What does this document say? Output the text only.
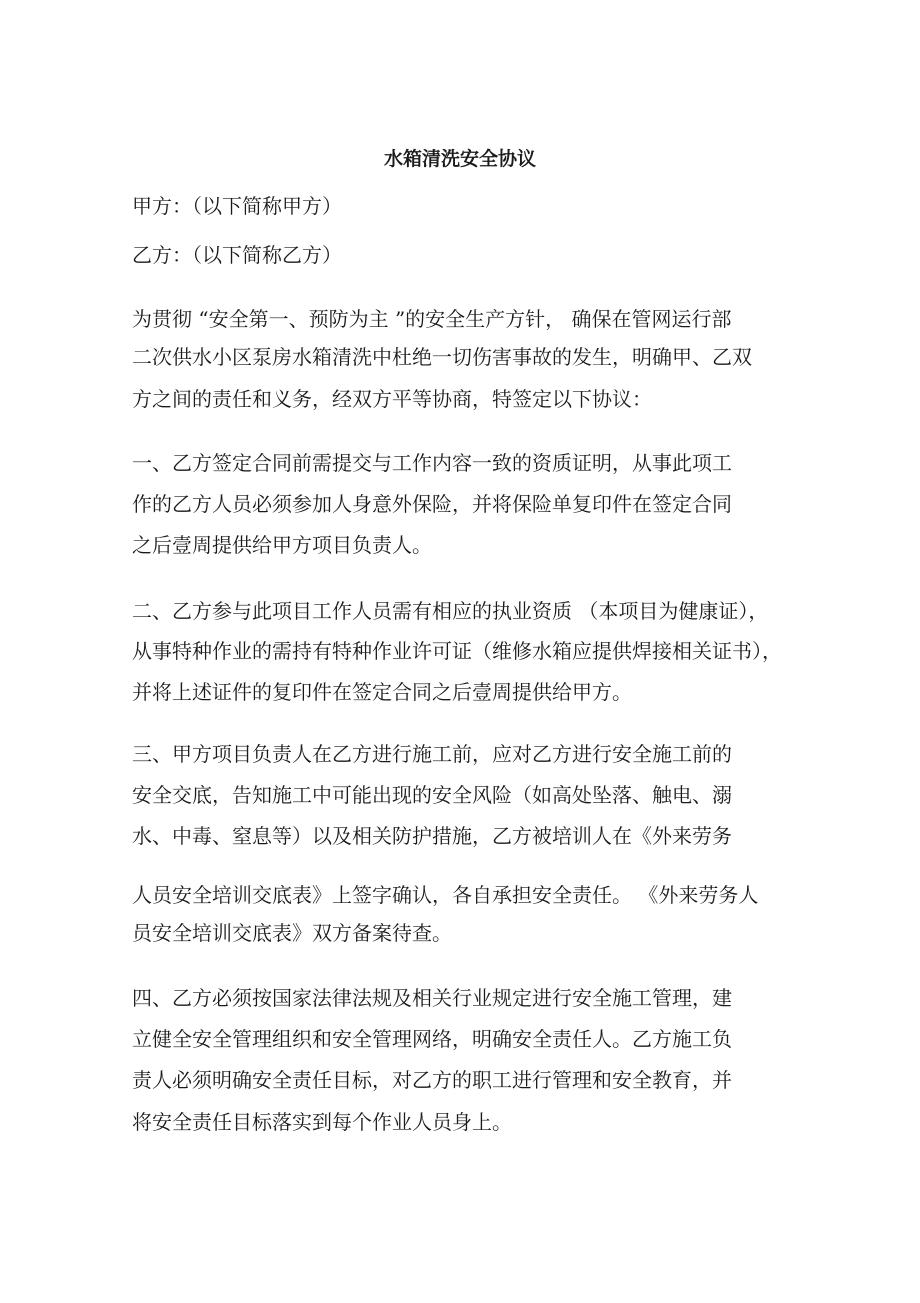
水箱清洗安全协议

甲方：（以下简称甲方）

乙方：（以下简称乙方）

为贯彻 “安全第一、预防为主 ”的安全生产方针， 确保在管网运行部

二次供水小区泵房水箱清洗中杜绝一切伤害事故的发生，明确甲、乙双

方之间的责任和义务，经双方平等协商，特签定以下协议：

一、乙方签定合同前需提交与工作内容一致的资质证明，从事此项工

作的乙方人员必须参加人身意外保险，并将保险单复印件在签定合同

之后壹周提供给甲方项目负责人。

二、乙方参与此项目工作人员需有相应的执业资质 （本项目为健康证），

从事特种作业的需持有特种作业许可证（维修水箱应提供焊接相关证书），

并将上述证件的复印件在签定合同之后壹周提供给甲方。

三、甲方项目负责人在乙方进行施工前，应对乙方进行安全施工前的

安全交底，告知施工中可能出现的安全风险（如高处坠落、触电、溺

水、中毒、窒息等）以及相关防护措施，乙方被培训人在《外来劳务

人员安全培训交底表》上签字确认，各自承担安全责任。 《外来劳务人

员安全培训交底表》双方备案待查。

四、乙方必须按国家法律法规及相关行业规定进行安全施工管理，建

立健全安全管理组织和安全管理网络，明确安全责任人。乙方施工负

责人必须明确安全责任目标，对乙方的职工进行管理和安全教育，并

将安全责任目标落实到每个作业人员身上。
